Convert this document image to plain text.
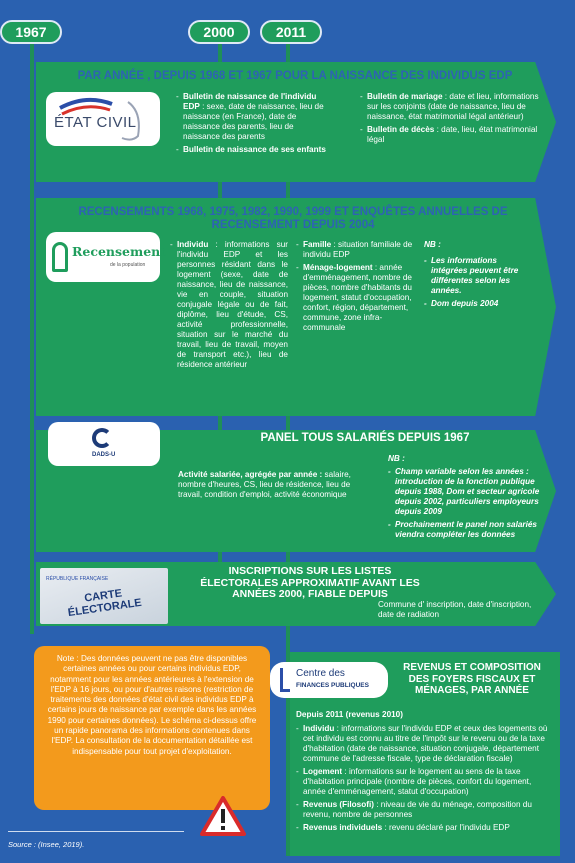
1967	2000	2011
PAR ANNÉE , DEPUIS 1968 ET 1967 POUR LA NAISSANCE DES INDIVIDUS EDP
ÉTAT CIVIL
- Bulletin de naissance de l'individu EDP : sexe, date de naissance, lieu de naissance (en France), date de naissance des parents, lieu de naissance des parents
- Bulletin de naissance de ses enfants
- Bulletin de mariage : date et lieu, informations sur les conjoints (date de naissance, lieu de naissance, état matrimonial légal antérieur)
- Bulletin de décès : date, lieu, état matrimonial légal
RECENSEMENTS 1968, 1975, 1982, 1990, 1999 ET ENQUÊTES ANNUELLES DE RECENSEMENT DEPUIS 2004
Recensement
de la population
- Individu : informations sur l'individu EDP et les personnes résidant dans le logement (sexe, date de naissance, lieu de naissance, vie en couple, situation conjugale légale ou de fait, diplôme, lieu d'étude, CS, activité professionnelle, situation sur le marché du travail, lieu de travail, moyen de transport etc.), lieu de résidence antérieur
- Famille : situation familiale de individu EDP
- Ménage-logement : année d'emménagement, nombre de pièces, nombre d'habitants du logement, statut d'occupation, confort, région, département, commune, zone infra-communale
NB :
- Les informations intégrées peuvent être différentes selon les années.
- Dom depuis 2004
PANEL TOUS SALARIÉS DEPUIS 1967
DADS-U
Activité salariée, agrégée par année : salaire, nombre d'heures, CS, lieu de résidence, lieu de travail, condition d'emploi, activité économique
NB :
- Champ variable selon les années : introduction de la fonction publique depuis 1988, Dom et secteur agricole depuis 2002, particuliers employeurs depuis 2009
- Prochainement le panel non salariés viendra compléter les données
RÉPUBLIQUE FRANÇAISE
CARTE ÉLECTORALE
INSCRIPTIONS SUR LES LISTES ÉLECTORALES APPROXIMATIF AVANT LES ANNÉES 2000, FIABLE DEPUIS
Commune d' inscription, date d'inscription, date de radiation
Note : Des données peuvent ne pas être disponibles certaines années ou pour certains individus EDP, notamment pour les années antérieures à l'extension de l'EDP à 16 jours, ou pour d'autres raisons (restriction de traitements des données d'état civil des individus EDP à certains jours de naissance par exemple dans les années 1990 pour certaines données). Le schéma ci-dessus offre un rapide panorama des informations contenues dans l'EDP. La consultation de la documentation détaillée est indispensable pour tout projet d'exploitation.
Source : (Insee, 2019).
Centre des
FINANCES PUBLIQUES
REVENUS ET COMPOSITION DES FOYERS FISCAUX ET MÉNAGES, PAR ANNÉE
Depuis 2011 (revenus 2010)
- Individu : informations sur l'individu EDP et ceux des logements où cet individu est connu au titre de l'impôt sur le revenu ou de la taxe d'habitation (date de naissance, situation conjugale, département commune de l'adresse fiscale, type de déclaration fiscale)
- Logement : informations sur le logement au sens de la taxe d'habitation principale (nombre de pièces, confort du logement, année d'emménagement, statut d'occupation)
- Revenus (Filosofi) : niveau de vie du ménage, composition du revenu, nombre de personnes
- Revenus individuels : revenu déclaré par l'individu EDP
